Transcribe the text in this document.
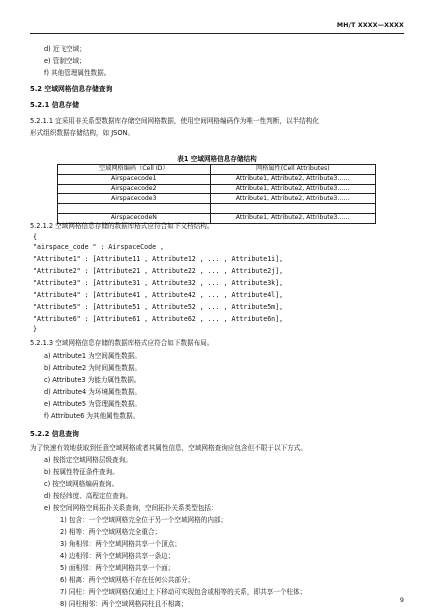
MH/T XXXX—XXXX
d) 近飞空域；
e) 管制空域；
f) 其他管理属性数据。
5.2 空域网格信息存储查询
5.2.1 信息存储
5.2.1.1 宜采用非关系型数据库存储空间网格数据，使用空间网格编码作为唯一性判断，以半结构化
形式组织数据存储结构，如 JSON。
表1 空域网格信息存储结构
空域网格编码（Cell ID）	网格属性(Cell Attributes)
Airspacecode1	Attribute1, Attribute2, Attribute3……
Airspacecode2	Attribute1, Attribute2, Attribute3……
Airspacecode3	Attribute1, Attribute2, Attribute3……

AirspacecodeN	Attribute1, Attribute2, Attribute3……
5.2.1.2 空域网格信息存储的数据库格式应符合如下文档结构。
{
"airspace_code " : AirspaceCode ,
"Attribute1" : [Attribute11 , Attribute12 , ... , Attribute1i],
"Attribute2" : [Attribute21 , Attribute22 , ... , Attribute2j],
"Attribute3" : [Attribute31 , Attribute32 , ... , Attribute3k],
"Attribute4" : [Attribute41 , Attribute42 , ... , Attribute4l],
"Attribute5" : [Attribute51 , Attribute52 , ... , Attribute5m],
"Attribute6" : [Attribute61 , Attribute62 , ... , Attribute6n],
}
5.2.1.3 空域网格信息存储的数据库格式应符合如下数据布局。
a) Attribute1 为空间属性数据。
b) Attribute2 为时间属性数据。
c) Attribute3 为能力属性数据。
d) Attribute4 为环境属性数据。
e) Attribute5 为管理属性数据。
f) Attribute6 为其他属性数据。
5.2.2 信息查询
为了快速有效地获取到任意空域网格或者其属性信息，空域网格查询应包含但不限于以下方式。
a) 按指定空域网格层级查询。
b) 按属性特征条件查询。
c) 按空域网格编码查询。
d) 按经纬度、高程定位查询。
e) 按空间网格空间拓扑关系查询，空间拓扑关系类型包括：
1) 包含：一个空域网格完全位于另一个空域网格的内部；
2) 相等：两个空域网格完全重合；
3) 角相邻：两个空域网格共享一个顶点；
4) 边相邻：两个空域网格共享一条边；
5) 面相邻：两个空域网格共享一个面；
6) 相离：两个空域网格不存在任何公共部分；
7) 同柱：两个空域网格仅通过上下移动可实现包含或相等的关系，即共享一个柱体；
8) 同柱相邻：两个空域网格同柱且不相离；	9
